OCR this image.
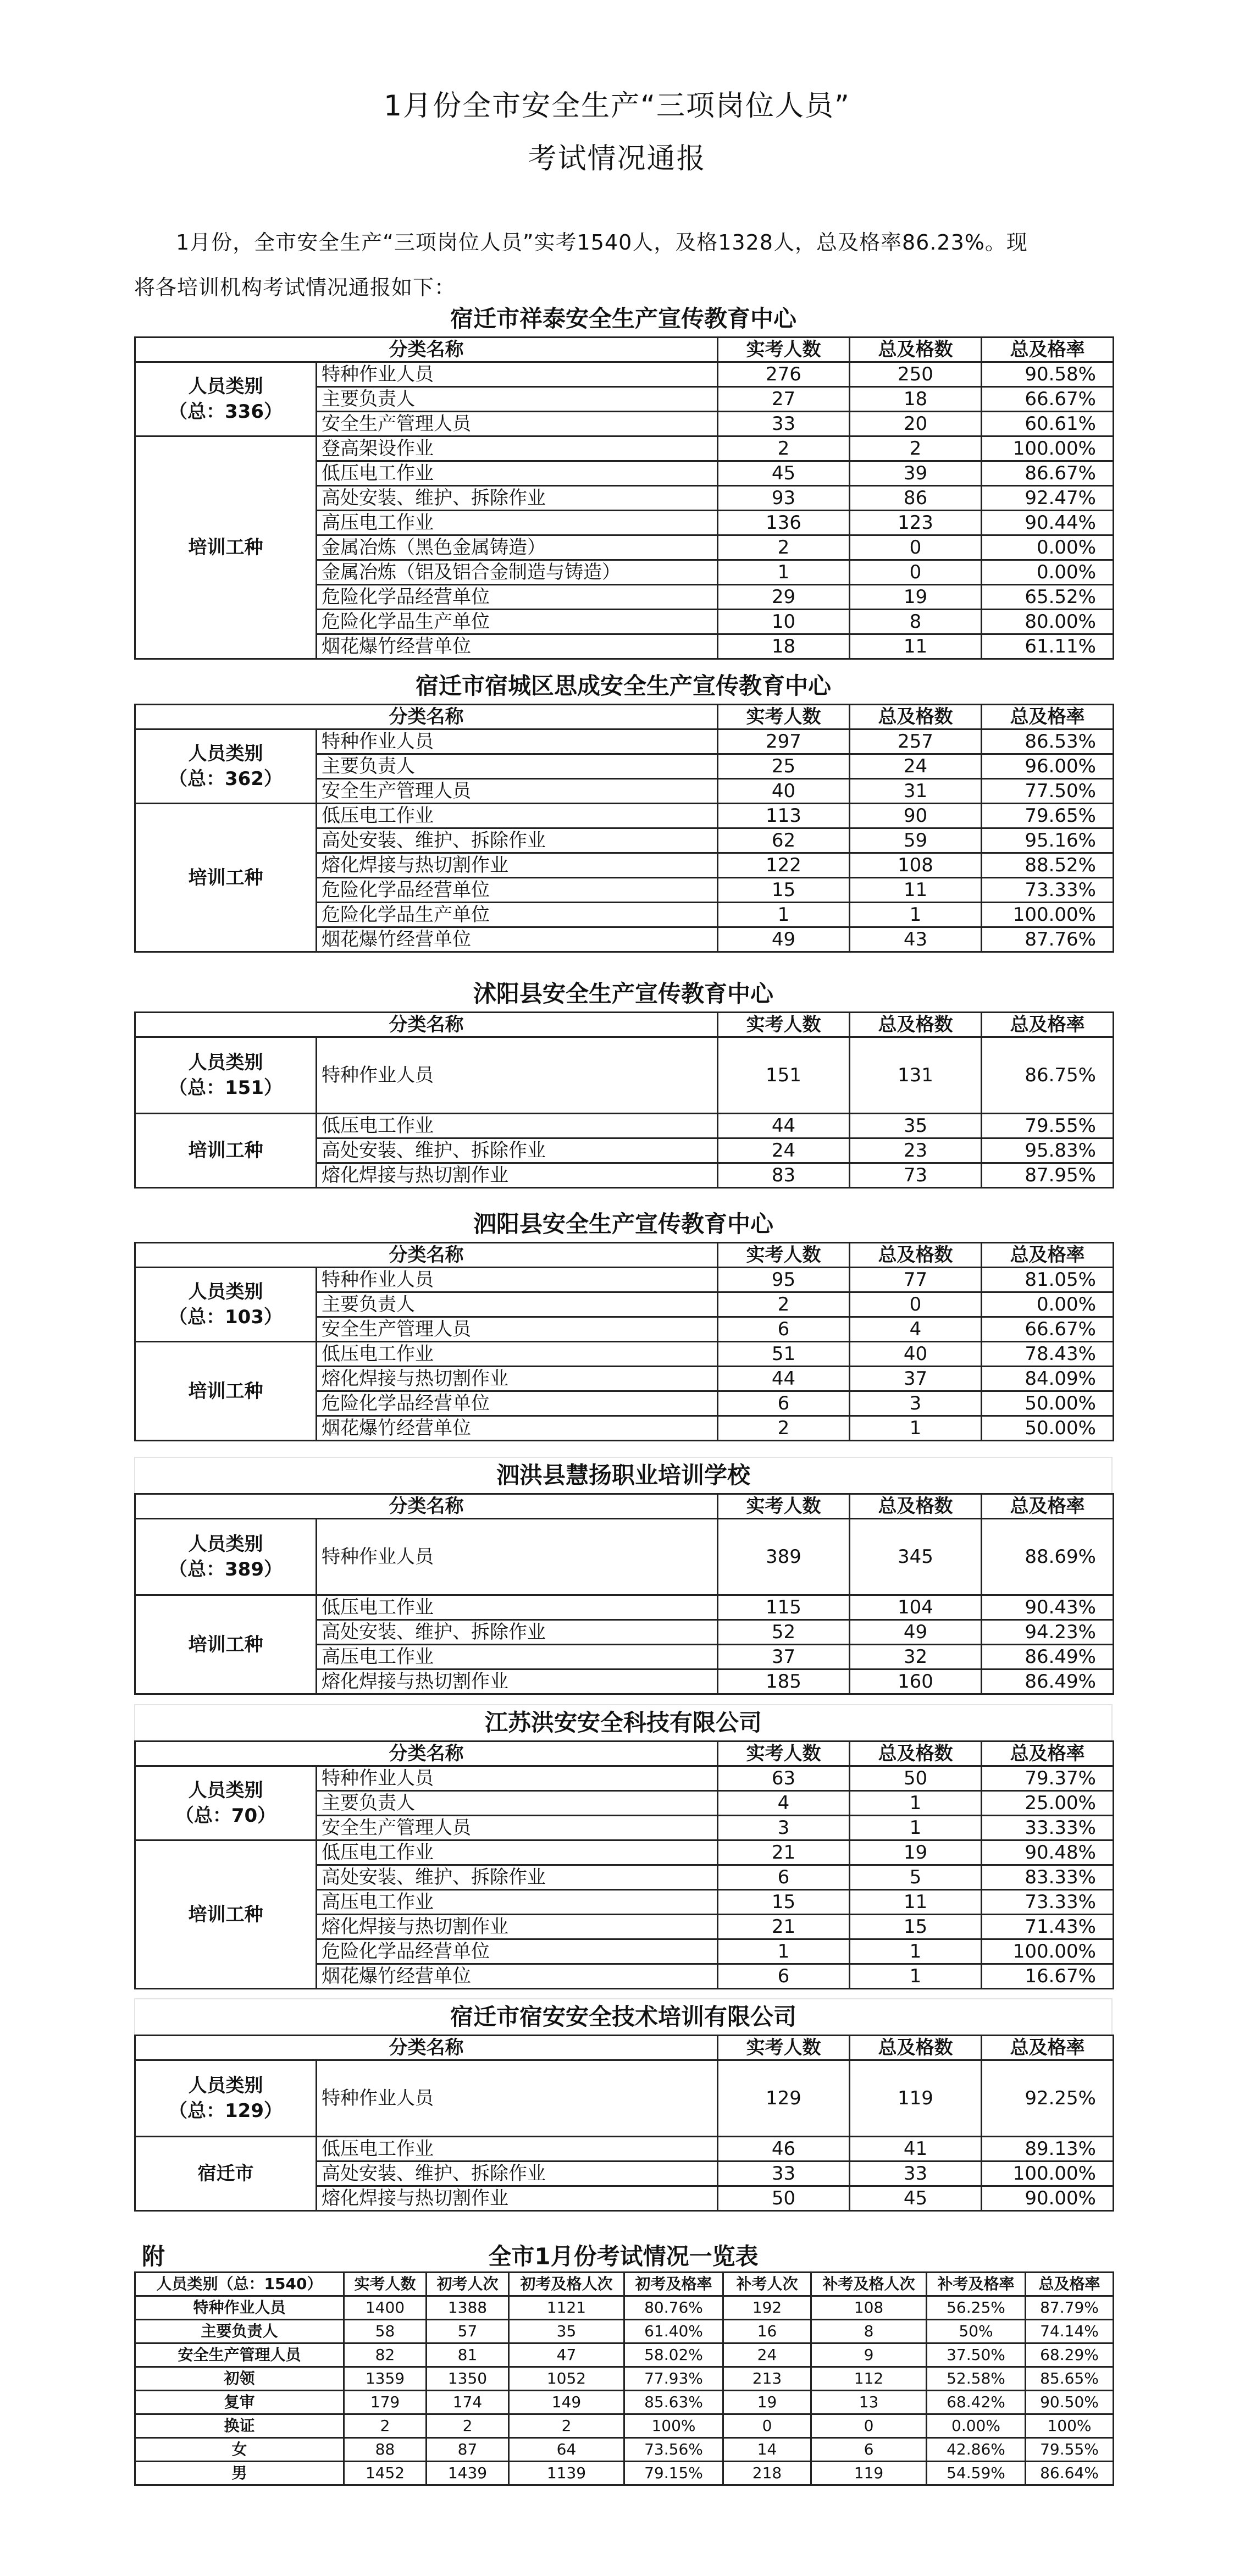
1月份全市安全生产“三项岗位人员”
考试情况通报
1月份，全市安全生产“三项岗位人员”实考1540人，及格1328人，总及格率86.23%。现
将各培训机构考试情况通报如下：
宿迁市祥泰安全生产宣传教育中心
分类名称		实考人数	总及格数	总及格率

人员类别
（总：336）	特种作业人员	276	250	90.58%
	主要负责人	27	18	66.67%
	安全生产管理人员	33	20	60.61%

培训工种	登高架设作业	2	2	100.00%
	低压电工作业	45	39	86.67%
	高处安装、维护、拆除作业	93	86	92.47%
	高压电工作业	136	123	90.44%
	金属冶炼（黑色金属铸造）	2	0	0.00%
	金属冶炼（铝及铝合金制造与铸造）	1	0	0.00%
	危险化学品经营单位	29	19	65.52%
	危险化学品生产单位	10	8	80.00%
	烟花爆竹经营单位	18	11	61.11%
宿迁市宿城区思成安全生产宣传教育中心
分类名称		实考人数	总及格数	总及格率

人员类别
（总：362）	特种作业人员	297	257	86.53%
	主要负责人	25	24	96.00%
	安全生产管理人员	40	31	77.50%

培训工种	低压电工作业	113	90	79.65%
	高处安装、维护、拆除作业	62	59	95.16%
	熔化焊接与热切割作业	122	108	88.52%
	危险化学品经营单位	15	11	73.33%
	危险化学品生产单位	1	1	100.00%
	烟花爆竹经营单位	49	43	87.76%
沭阳县安全生产宣传教育中心
分类名称		实考人数	总及格数	总及格率

人员类别
（总：151）	特种作业人员	151	131	86.75%

培训工种	低压电工作业	44	35	79.55%
	高处安装、维护、拆除作业	24	23	95.83%
	熔化焊接与热切割作业	83	73	87.95%
泗阳县安全生产宣传教育中心
分类名称		实考人数	总及格数	总及格率

人员类别
（总：103）	特种作业人员	95	77	81.05%
	主要负责人	2	0	0.00%
	安全生产管理人员	6	4	66.67%

培训工种	低压电工作业	51	40	78.43%
	熔化焊接与热切割作业	44	37	84.09%
	危险化学品经营单位	6	3	50.00%
	烟花爆竹经营单位	2	1	50.00%
泗洪县慧扬职业培训学校
分类名称		实考人数	总及格数	总及格率

人员类别
（总：389）	特种作业人员	389	345	88.69%

培训工种	低压电工作业	115	104	90.43%
	高处安装、维护、拆除作业	52	49	94.23%
	高压电工作业	37	32	86.49%
	熔化焊接与热切割作业	185	160	86.49%
江苏洪安安全科技有限公司
分类名称		实考人数	总及格数	总及格率

人员类别
（总：70）	特种作业人员	63	50	79.37%
	主要负责人	4	1	25.00%
	安全生产管理人员	3	1	33.33%

培训工种	低压电工作业	21	19	90.48%
	高处安装、维护、拆除作业	6	5	83.33%
	高压电工作业	15	11	73.33%
	熔化焊接与热切割作业	21	15	71.43%
	危险化学品经营单位	1	1	100.00%
	烟花爆竹经营单位	6	1	16.67%
宿迁市宿安安全技术培训有限公司
分类名称		实考人数	总及格数	总及格率

人员类别
（总：129）	特种作业人员	129	119	92.25%

宿迁市	低压电工作业	46	41	89.13%
	高处安装、维护、拆除作业	33	33	100.00%
	熔化焊接与热切割作业	50	45	90.00%
附	全市1月份考试情况一览表
人员类别（总：1540）	实考人数	初考人次	初考及格人次	初考及格率	补考人次	补考及格人次	补考及格率	总及格率
特种作业人员	1400	1388	1121	80.76%	192	108	56.25%	87.79%
主要负责人	58	57	35	61.40%	16	8	50%	74.14%
安全生产管理人员	82	81	47	58.02%	24	9	37.50%	68.29%
初领	1359	1350	1052	77.93%	213	112	52.58%	85.65%
复审	179	174	149	85.63%	19	13	68.42%	90.50%
换证	2	2	2	100%	0	0	0.00%	100%
女	88	87	64	73.56%	14	6	42.86%	79.55%
男	1452	1439	1139	79.15%	218	119	54.59%	86.64%
